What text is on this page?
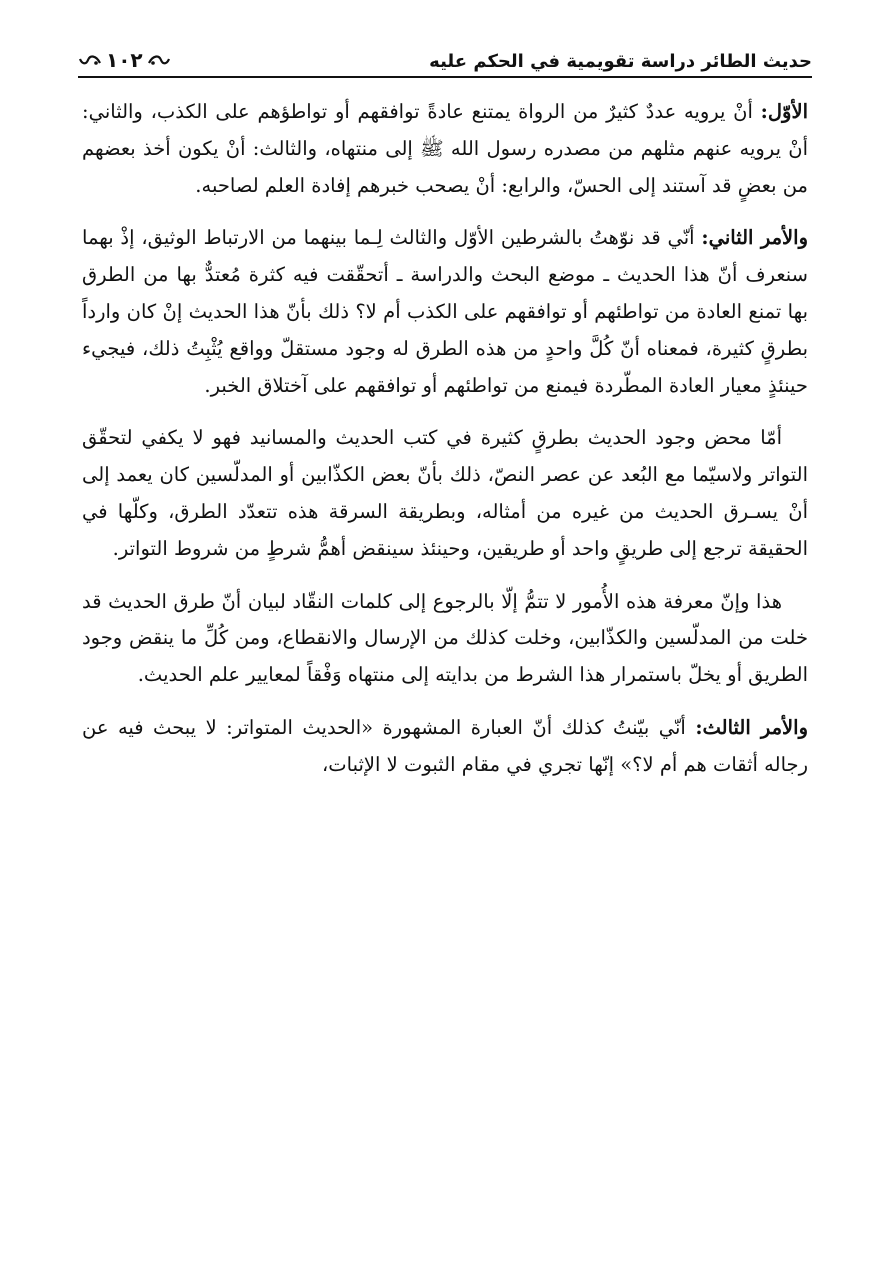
حديث الطائر دراسة تقويمية في الحكم عليه
١٠٢

الأوّل: أنْ يرويه عددٌ كثيرٌ من الرواة يمتنع عادةً توافقهم أو تواطؤهم على الكذب، والثاني: أنْ يرويه عنهم مثلهم من مصدره رسول الله ﷺ إلى منتهاه، والثالث: أنْ يكون أخذ بعضهم من بعضٍ قد آستند إلى الحسّ، والرابع: أنْ يصحب خبرهم إفادة العلم لصاحبه.

والأمر الثاني: أنّي قد نوّهتُ بالشرطين الأوّل والثالث لِـما بينهما من الارتباط الوثيق، إذْ بهما سنعرف أنّ هذا الحديث ـ موضع البحث والدراسة ـ أتحقّقت فيه كثرة مُعتدٌّ بها من الطرق بها تمنع العادة من تواطئهم أو توافقهم على الكذب أم لا؟ ذلك بأنّ هذا الحديث إنْ كان وارداً بطرقٍ كثيرة، فمعناه أنّ كُلَّ واحدٍ من هذه الطرق له وجود مستقلّ وواقع يُثْبِتُ ذلك، فيجيء حينئذٍ معيار العادة المطّردة فيمنع من تواطئهم أو توافقهم على آختلاق الخبر.

أمّا محض وجود الحديث بطرقٍ كثيرة في كتب الحديث والمسانيد فهو لا يكفي لتحقّق التواتر ولاسيّما مع البُعد عن عصر النصّ، ذلك بأنّ بعض الكذّابين أو المدلّسين كان يعمد إلى أنْ يسـرق الحديث من غيره من أمثاله، وبطريقة السرقة هذه تتعدّد الطرق، وكلّها في الحقيقة ترجع إلى طريقٍ واحد أو طريقين، وحينئذ سينقض أهمُّ شرطٍ من شروط التواتر.

هذا وإنّ معرفة هذه الأُمور لا تتمُّ إلّا بالرجوع إلى كلمات النقّاد لبيان أنّ طرق الحديث قد خلت من المدلّسين والكذّابين، وخلت كذلك من الإرسال والانقطاع، ومن كُلِّ ما ينقض وجود الطريق أو يخلّ باستمرار هذا الشرط من بدايته إلى منتهاه وَفْقاً لمعايير علم الحديث.

والأمر الثالث: أنّي بيّنتُ كذلك أنّ العبارة المشهورة «الحديث المتواتر: لا يبحث فيه عن رجاله أثقات هم أم لا؟» إنّها تجري في مقام الثبوت لا الإثبات،
